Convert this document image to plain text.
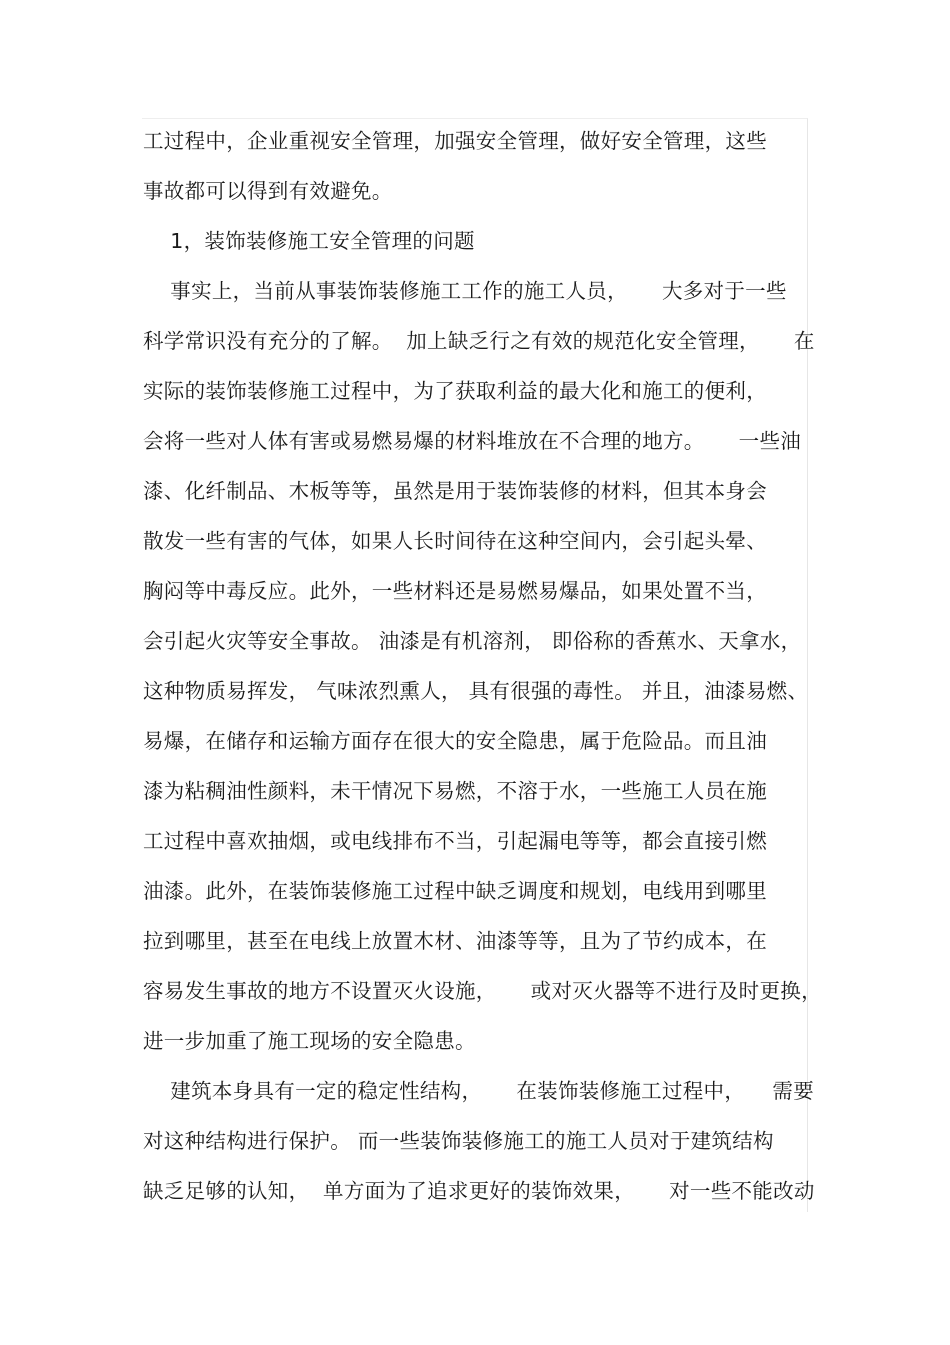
工过程中，企业重视安全管理，加强安全管理，做好安全管理，这些
事故都可以得到有效避免。
1，装饰装修施工安全管理的问题
事实上，当前从事装饰装修施工工作的施工人员，     大多对于一些
科学常识没有充分的了解。  加上缺乏行之有效的规范化安全管理，     在
实际的装饰装修施工过程中，为了获取利益的最大化和施工的便利，
会将一些对人体有害或易燃易爆的材料堆放在不合理的地方。     一些油
漆、化纤制品、木板等等，虽然是用于装饰装修的材料，但其本身会
散发一些有害的气体，如果人长时间待在这种空间内，会引起头晕、
胸闷等中毒反应。此外，一些材料还是易燃易爆品，如果处置不当，
会引起火灾等安全事故。 油漆是有机溶剂， 即俗称的香蕉水、天拿水，
这种物质易挥发， 气味浓烈熏人， 具有很强的毒性。 并且，油漆易燃、
易爆，在储存和运输方面存在很大的安全隐患，属于危险品。而且油
漆为粘稠油性颜料，未干情况下易燃，不溶于水，一些施工人员在施
工过程中喜欢抽烟，或电线排布不当，引起漏电等等，都会直接引燃
油漆。此外，在装饰装修施工过程中缺乏调度和规划，电线用到哪里
拉到哪里，甚至在电线上放置木材、油漆等等，且为了节约成本，在
容易发生事故的地方不设置灭火设施，     或对灭火器等不进行及时更换，
进一步加重了施工现场的安全隐患。
建筑本身具有一定的稳定性结构，     在装饰装修施工过程中，    需要
对这种结构进行保护。 而一些装饰装修施工的施工人员对于建筑结构
缺乏足够的认知，  单方面为了追求更好的装饰效果，     对一些不能改动
